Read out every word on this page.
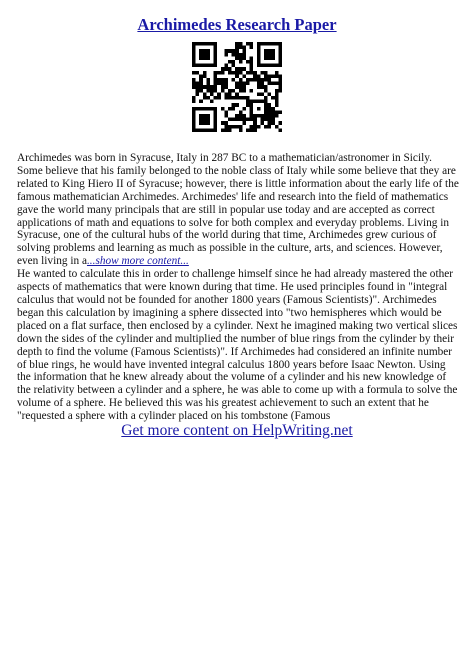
Archimedes Research Paper

Archimedes was born in Syracuse, Italy in 287 BC to a mathematician/astronomer in Sicily. Some believe that his family belonged to the noble class of Italy while some believe that they are related to King Hiero II of Syracuse; however, there is little information about the early life of the famous mathematician Archimedes. Archimedes' life and research into the field of mathematics gave the world many principals that are still in popular use today and are accepted as correct applications of math and equations to solve for both complex and everyday problems. Living in Syracuse, one of the cultural hubs of the world during that time, Archimedes grew curious of solving problems and learning as much as possible in the culture, arts, and sciences. However, even living in a...show more content...

He wanted to calculate this in order to challenge himself since he had already mastered the other aspects of mathematics that were known during that time. He used principles found in "integral calculus that would not be founded for another 1800 years (Famous Scientists)". Archimedes began this calculation by imagining a sphere dissected into "two hemispheres which would be placed on a flat surface, then enclosed by a cylinder. Next he imagined making two vertical slices down the sides of the cylinder and multiplied the number of blue rings from the cylinder by their depth to find the volume (Famous Scientists)". If Archimedes had considered an infinite number of blue rings, he would have invented integral calculus 1800 years before Isaac Newton. Using the information that he knew already about the volume of a cylinder and his new knowledge of the relativity between a cylinder and a sphere, he was able to come up with a formula to solve the volume of a sphere. He believed this was his greatest achievement to such an extent that he "requested a sphere with a cylinder placed on his tombstone (Famous

Get more content on HelpWriting.net
